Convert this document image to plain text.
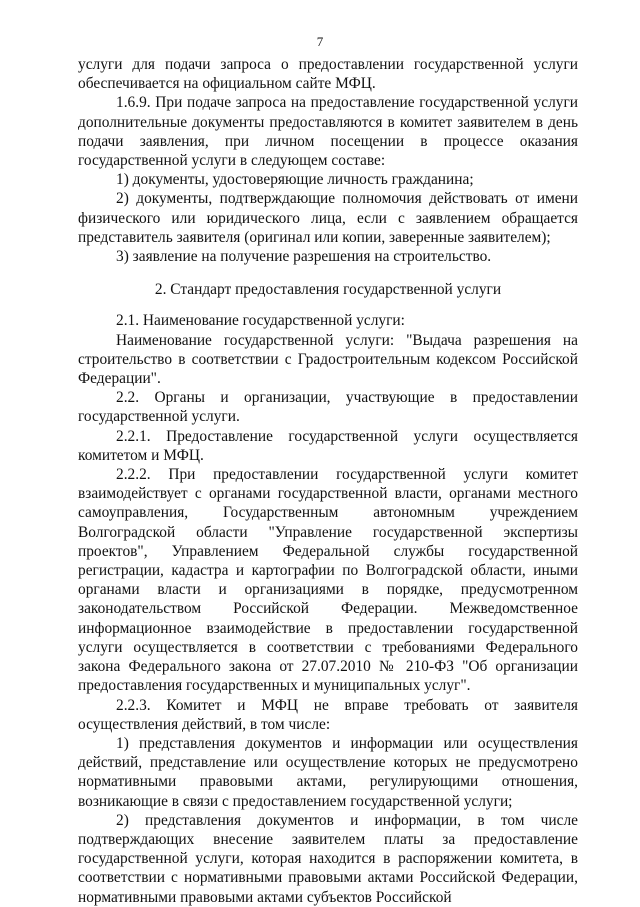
7

услуги для подачи запроса о предоставлении государственной услуги обеспечивается на официальном сайте МФЦ.

1.6.9. При подаче запроса на предоставление государственной услуги дополнительные документы предоставляются в комитет заявителем в день подачи заявления, при личном посещении в процессе оказания государственной услуги в следующем составе:

1) документы, удостоверяющие личность гражданина;

2) документы, подтверждающие полномочия действовать от имени физического или юридического лица, если с заявлением обращается представитель заявителя (оригинал или копии, заверенные заявителем);

3) заявление на получение разрешения на строительство.

2. Стандарт предоставления государственной услуги

2.1. Наименование государственной услуги:

Наименование государственной услуги: "Выдача разрешения на строительство в соответствии с Градостроительным кодексом Российской Федерации".

2.2. Органы и организации, участвующие в предоставлении государственной услуги.

2.2.1. Предоставление государственной услуги осуществляется комитетом и МФЦ.

2.2.2. При предоставлении государственной услуги комитет взаимодействует с органами государственной власти, органами местного самоуправления, Государственным автономным учреждением Волгоградской области "Управление государственной экспертизы проектов", Управлением Федеральной службы государственной регистрации, кадастра и картографии по Волгоградской области, иными органами власти и организациями в порядке, предусмотренном законодательством Российской Федерации. Межведомственное информационное взаимодействие в предоставлении государственной услуги осуществляется в соответствии с требованиями Федерального закона Федерального закона от 27.07.2010 № 210-ФЗ "Об организации предоставления государственных и муниципальных услуг".

2.2.3. Комитет и МФЦ не вправе требовать от заявителя осуществления действий, в том числе:

1) представления документов и информации или осуществления действий, представление или осуществление которых не предусмотрено нормативными правовыми актами, регулирующими отношения, возникающие в связи с предоставлением государственной услуги;

2) представления документов и информации, в том числе подтверждающих внесение заявителем платы за предоставление государственной услуги, которая находится в распоряжении комитета, в соответствии с нормативными правовыми актами Российской Федерации, нормативными правовыми актами субъектов Российской
